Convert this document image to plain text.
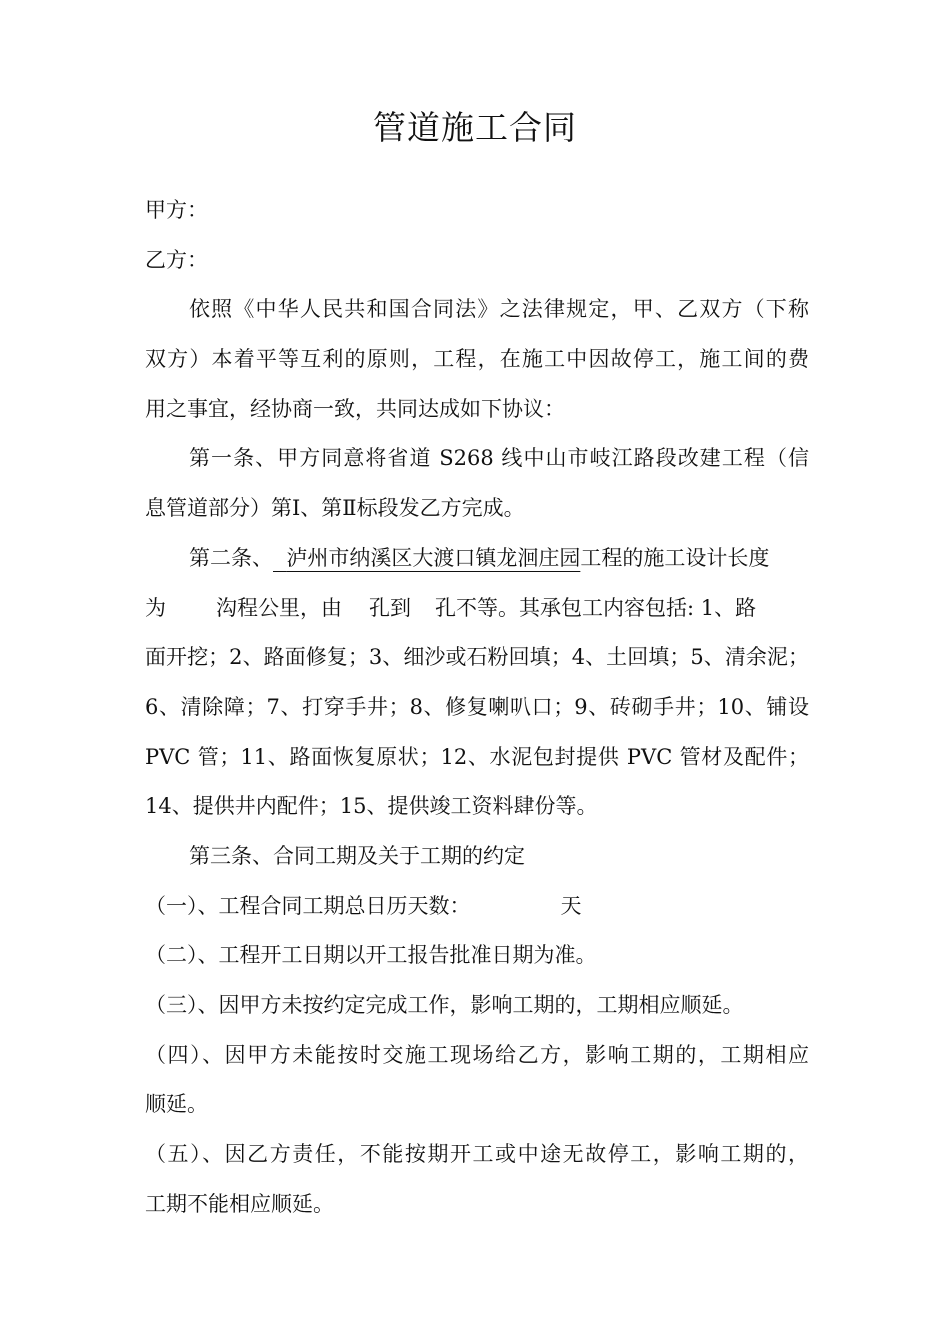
管道施工合同
甲方：
乙方：
依照《中华人民共和国合同法》之法律规定，甲、乙双方（下称
双方）本着平等互利的原则，工程，在施工中因故停工，施工间的费
用之事宜，经协商一致，共同达成如下协议：
第一条、甲方同意将省道 S268 线中山市岐江路段改建工程（信
息管道部分）第Ⅰ、第Ⅱ标段发乙方完成。
第二条、 泸州市纳溪区大渡口镇龙洄庄园工程的施工设计长度
为 沟程公里，由 孔到 孔不等。其承包工内容包括: 1、路
面开挖；2、路面修复；3、细沙或石粉回填；4、土回填；5、清余泥；
6、清除障；7、打穿手井；8、修复喇叭口；9、砖砌手井；10、铺设
PVC 管；11、路面恢复原状；12、水泥包封提供 PVC 管材及配件；
14、提供井内配件；15、提供竣工资料肆份等。
第三条、合同工期及关于工期的约定
（一）、工程合同工期总日历天数：	天
（二）、工程开工日期以开工报告批准日期为准。
（三）、因甲方未按约定完成工作，影响工期的，工期相应顺延。
（四）、因甲方未能按时交施工现场给乙方，影响工期的，工期相应
顺延。
（五）、因乙方责任，不能按期开工或中途无故停工，影响工期的，
工期不能相应顺延。
